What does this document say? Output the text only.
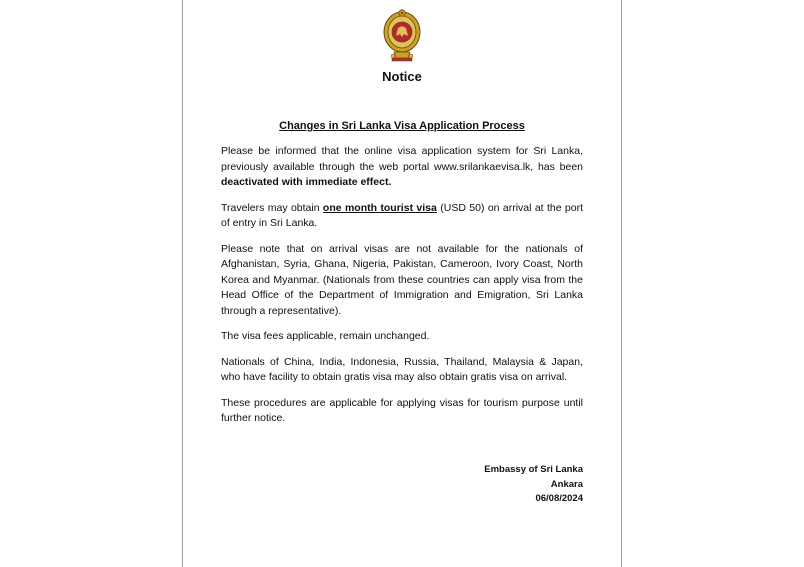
Notice
Changes in Sri Lanka Visa Application Process

Please be informed that the online visa application system for Sri Lanka, previously available through the web portal www.srilankaevisa.lk, has been deactivated with immediate effect.

Travelers may obtain one month tourist visa (USD 50) on arrival at the port of entry in Sri Lanka.

Please note that on arrival visas are not available for the nationals of Afghanistan, Syria, Ghana, Nigeria, Pakistan, Cameroon, Ivory Coast, North Korea and Myanmar. (Nationals from these countries can apply visa from the Head Office of the Department of Immigration and Emigration, Sri Lanka through a representative).

The visa fees applicable, remain unchanged.

Nationals of China, India, Indonesia, Russia, Thailand, Malaysia & Japan, who have facility to obtain gratis visa may also obtain gratis visa on arrival.

These procedures are applicable for applying visas for tourism purpose until further notice.

Embassy of Sri Lanka
Ankara
06/08/2024
